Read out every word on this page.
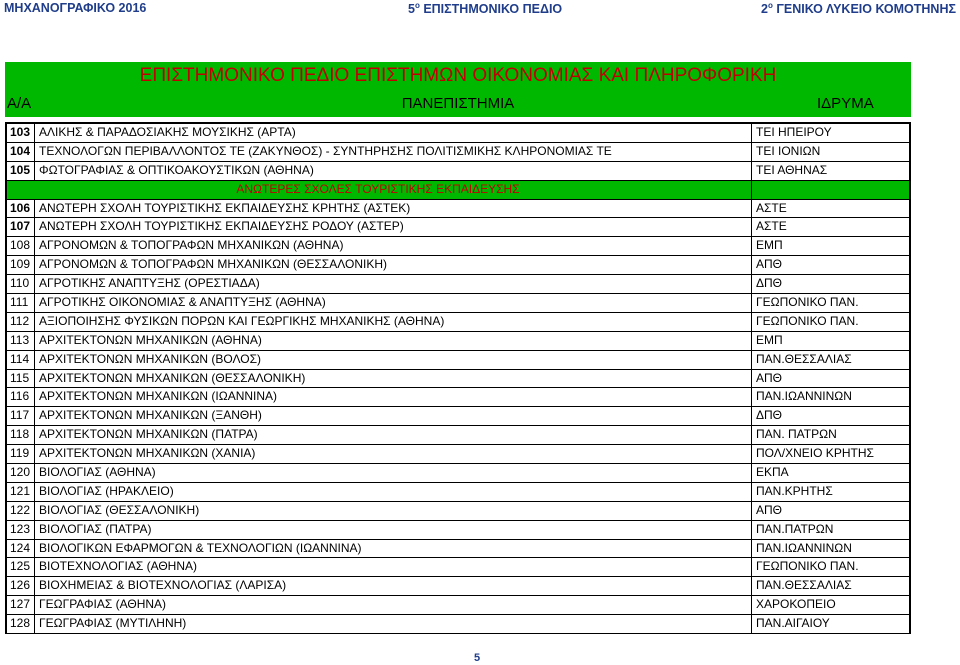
ΜΗΧΑΝΟΓΡΑΦΙΚΟ 2016	$5^o$ ΕΠΙΣΤΗΜΟΝΙΚΟ ΠΕΔΙΟ	$2^o$ ΓΕΝΙΚΟ ΛΥΚΕΙΟ ΚΟΜΟΤΗΝΗΣ
ΕΠΙΣΤΗΜΟΝΙΚΟ ΠΕΔΙΟ ΕΠΙΣΤΗΜΩΝ ΟΙΚΟΝΟΜΙΑΣ ΚΑΙ ΠΛΗΡΟΦΟΡΙΚΗ
Α/Α	ΠΑΝΕΠΙΣΤΗΜΙΑ	ΙΔΡΥΜΑ
103 ΑΛΙΚΗΣ & ΠΑΡΑΔΟΣΙΑΚΗΣ ΜΟΥΣΙΚΗΣ (ΑΡΤΑ)	ΤΕΙ ΗΠΕΙΡΟΥ
104 ΤΕΧΝΟΛΟΓΩΝ ΠΕΡΙΒΑΛΛΟΝΤΟΣ ΤΕ (ΖΑΚΥΝΘΟΣ) - ΣΥΝΤΗΡΗΣΗΣ ΠΟΛΙΤΙΣΜΙΚΗΣ ΚΛΗΡΟΝΟΜΙΑΣ ΤΕ	ΤΕΙ ΙΟΝΙΩΝ
105 ΦΩΤΟΓΡΑΦΙΑΣ & ΟΠΤΙΚΟΑΚΟΥΣΤΙΚΩΝ (ΑΘΗΝΑ)	ΤΕΙ ΑΘΗΝΑΣ
ΑΝΩΤΕΡΕΣ ΣΧΟΛΕΣ ΤΟΥΡΙΣΤΙΚΗΣ ΕΚΠΑΙΔΕΥΣΗΣ
106 ΑΝΩΤΕΡΗ ΣΧΟΛΗ ΤΟΥΡΙΣΤΙΚΗΣ ΕΚΠΑΙΔΕΥΣΗΣ ΚΡΗΤΗΣ (ΑΣΤΕΚ)	ΑΣΤΕ
107 ΑΝΩΤΕΡΗ ΣΧΟΛΗ ΤΟΥΡΙΣΤΙΚΗΣ ΕΚΠΑΙΔΕΥΣΗΣ ΡΟΔΟΥ (ΑΣΤΕΡ)	ΑΣΤΕ
108 ΑΓΡΟΝΟΜΩΝ & ΤΟΠΟΓΡΑΦΩΝ ΜΗΧΑΝΙΚΩΝ (ΑΘΗΝΑ)	ΕΜΠ
109 ΑΓΡΟΝΟΜΩΝ & ΤΟΠΟΓΡΑΦΩΝ ΜΗΧΑΝΙΚΩΝ (ΘΕΣΣΑΛΟΝΙΚΗ)	ΑΠΘ
110 ΑΓΡΟΤΙΚΗΣ ΑΝΑΠΤΥΞΗΣ (ΟΡΕΣΤΙΑΔΑ)	ΔΠΘ
111 ΑΓΡΟΤΙΚΗΣ ΟΙΚΟΝΟΜΙΑΣ & ΑΝΑΠΤΥΞΗΣ (ΑΘΗΝΑ)	ΓΕΩΠΟΝΙΚΟ ΠΑΝ.
112 ΑΞΙΟΠΟΙΗΣΗΣ ΦΥΣΙΚΩΝ ΠΟΡΩΝ ΚΑΙ ΓΕΩΡΓΙΚΗΣ ΜΗΧΑΝΙΚΗΣ (ΑΘΗΝΑ)	ΓΕΩΠΟΝΙΚΟ ΠΑΝ.
113 ΑΡΧΙΤΕΚΤΟΝΩΝ ΜΗΧΑΝΙΚΩΝ (ΑΘΗΝΑ)	ΕΜΠ
114 ΑΡΧΙΤΕΚΤΟΝΩΝ ΜΗΧΑΝΙΚΩΝ (ΒΟΛΟΣ)	ΠΑΝ.ΘΕΣΣΑΛΙΑΣ
115 ΑΡΧΙΤΕΚΤΟΝΩΝ ΜΗΧΑΝΙΚΩΝ (ΘΕΣΣΑΛΟΝΙΚΗ)	ΑΠΘ
116 ΑΡΧΙΤΕΚΤΟΝΩΝ ΜΗΧΑΝΙΚΩΝ (ΙΩΑΝΝΙΝΑ)	ΠΑΝ.ΙΩΑΝΝΙΝΩΝ
117 ΑΡΧΙΤΕΚΤΟΝΩΝ ΜΗΧΑΝΙΚΩΝ (ΞΑΝΘΗ)	ΔΠΘ
118 ΑΡΧΙΤΕΚΤΟΝΩΝ ΜΗΧΑΝΙΚΩΝ (ΠΑΤΡΑ)	ΠΑΝ. ΠΑΤΡΩΝ
119 ΑΡΧΙΤΕΚΤΟΝΩΝ ΜΗΧΑΝΙΚΩΝ (ΧΑΝΙΑ)	ΠΟΛ/ΧΝΕΙΟ ΚΡΗΤΗΣ
120 ΒΙΟΛΟΓΙΑΣ (ΑΘΗΝΑ)	ΕΚΠΑ
121 ΒΙΟΛΟΓΙΑΣ (ΗΡΑΚΛΕΙΟ)	ΠΑΝ.ΚΡΗΤΗΣ
122 ΒΙΟΛΟΓΙΑΣ (ΘΕΣΣΑΛΟΝΙΚΗ)	ΑΠΘ
123 ΒΙΟΛΟΓΙΑΣ (ΠΑΤΡΑ)	ΠΑΝ.ΠΑΤΡΩΝ
124 ΒΙΟΛΟΓΙΚΩΝ ΕΦΑΡΜΟΓΩΝ & ΤΕΧΝΟΛΟΓΙΩΝ (ΙΩΑΝΝΙΝΑ)	ΠΑΝ.ΙΩΑΝΝΙΝΩΝ
125 ΒΙΟΤΕΧΝΟΛΟΓΙΑΣ (ΑΘΗΝΑ)	ΓΕΩΠΟΝΙΚΟ ΠΑΝ.
126 ΒΙΟΧΗΜΕΙΑΣ & ΒΙΟΤΕΧΝΟΛΟΓΙΑΣ (ΛΑΡΙΣΑ)	ΠΑΝ.ΘΕΣΣΑΛΙΑΣ
127 ΓΕΩΓΡΑΦΙΑΣ (ΑΘΗΝΑ)	ΧΑΡΟΚΟΠΕΙΟ
128 ΓΕΩΓΡΑΦΙΑΣ (ΜΥΤΙΛΗΝΗ)	ΠΑΝ.ΑΙΓΑΙΟΥ
5
